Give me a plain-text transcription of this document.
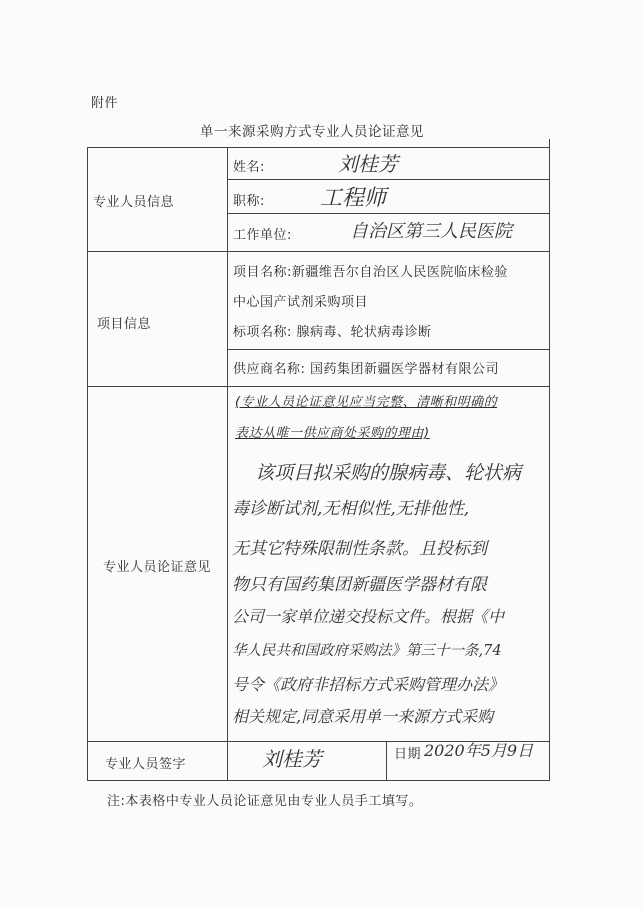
附件
单一来源采购方式专业人员论证意见
专业人员信息
姓名:	刘桂芳
职称:	工程师
工作单位:	自治区第三人民医院
项目信息
项目名称:新疆维吾尔自治区人民医院临床检验
中心国产试剂采购项目
标项名称: 腺病毒、轮状病毒诊断
供应商名称: 国药集团新疆医学器材有限公司
专业人员论证意见
(专业人员论证意见应当完整、清晰和明确的
表达从唯一供应商处采购的理由)
该项目拟采购的腺病毒、轮状病
毒诊断试剂,无相似性,无排他性,
无其它特殊限制性条款。且投标到
物只有国药集团新疆医学器材有限
公司一家单位递交投标文件。根据《中
华人民共和国政府采购法》第三十一条,74
号令《政府非招标方式采购管理办法》
相关规定,同意采用单一来源方式采购
专业人员签字	刘桂芳	日期 2020年5月9日
注:本表格中专业人员论证意见由专业人员手工填写。
